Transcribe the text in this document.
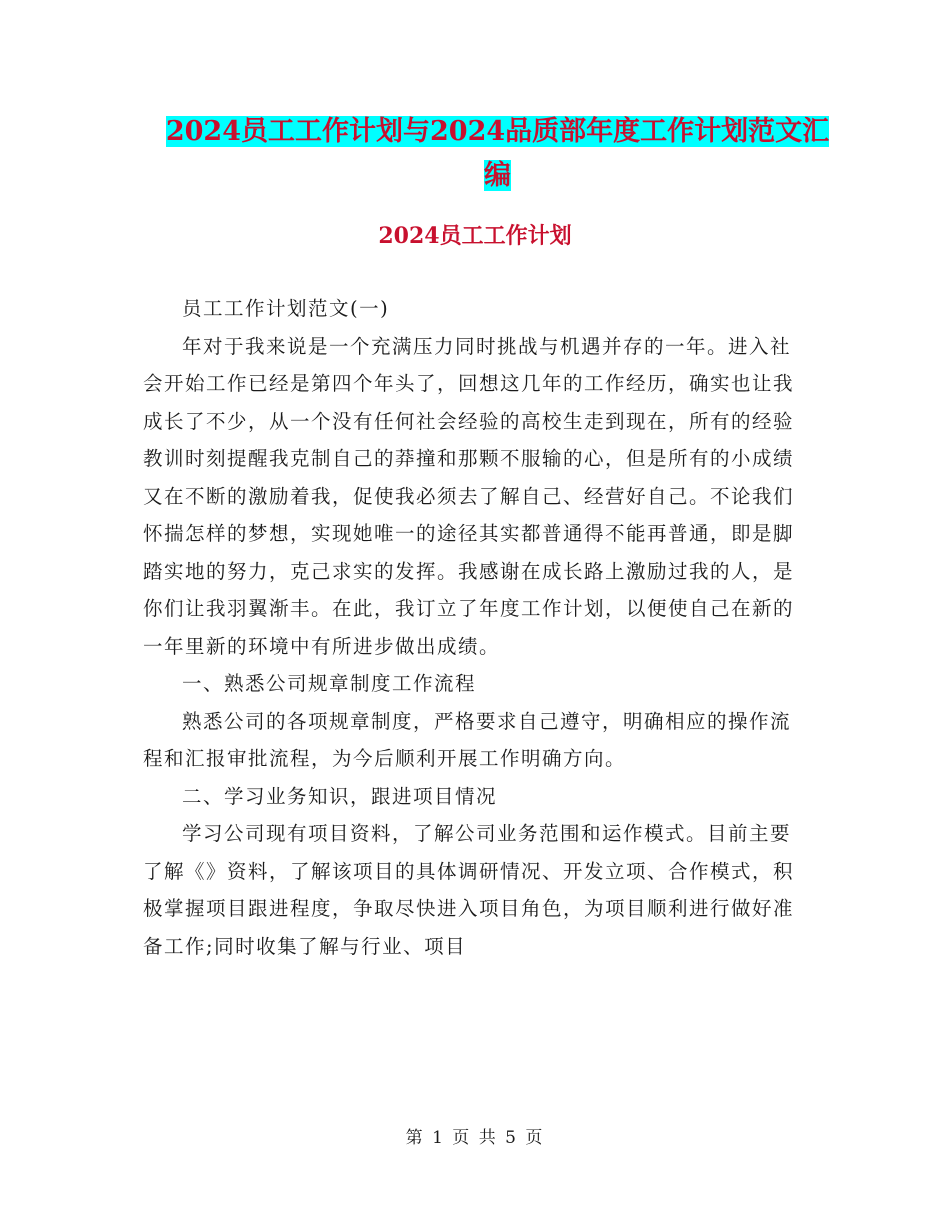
2024员工工作计划与2024品质部年度工作计划范文汇
编
2024员工工作计划

员工工作计划范文(一)

年对于我来说是一个充满压力同时挑战与机遇并存的一年。进入社会开始工作已经是第四个年头了，回想这几年的工作经历，确实也让我成长了不少，从一个没有任何社会经验的高校生走到现在，所有的经验教训时刻提醒我克制自己的莽撞和那颗不服输的心，但是所有的小成绩又在不断的激励着我，促使我必须去了解自己、经营好自己。不论我们怀揣怎样的梦想，实现她唯一的途径其实都普通得不能再普通，即是脚踏实地的努力，克己求实的发挥。我感谢在成长路上激励过我的人，是你们让我羽翼渐丰。在此，我订立了年度工作计划，以便使自己在新的一年里新的环境中有所进步做出成绩。

一、熟悉公司规章制度工作流程

熟悉公司的各项规章制度，严格要求自己遵守，明确相应的操作流程和汇报审批流程，为今后顺利开展工作明确方向。

二、学习业务知识，跟进项目情况

学习公司现有项目资料，了解公司业务范围和运作模式。目前主要了解《》资料，了解该项目的具体调研情况、开发立项、合作模式，积极掌握项目跟进程度，争取尽快进入项目角色，为项目顺利进行做好准备工作;同时收集了解与行业、项目

第 1 页 共 5 页
